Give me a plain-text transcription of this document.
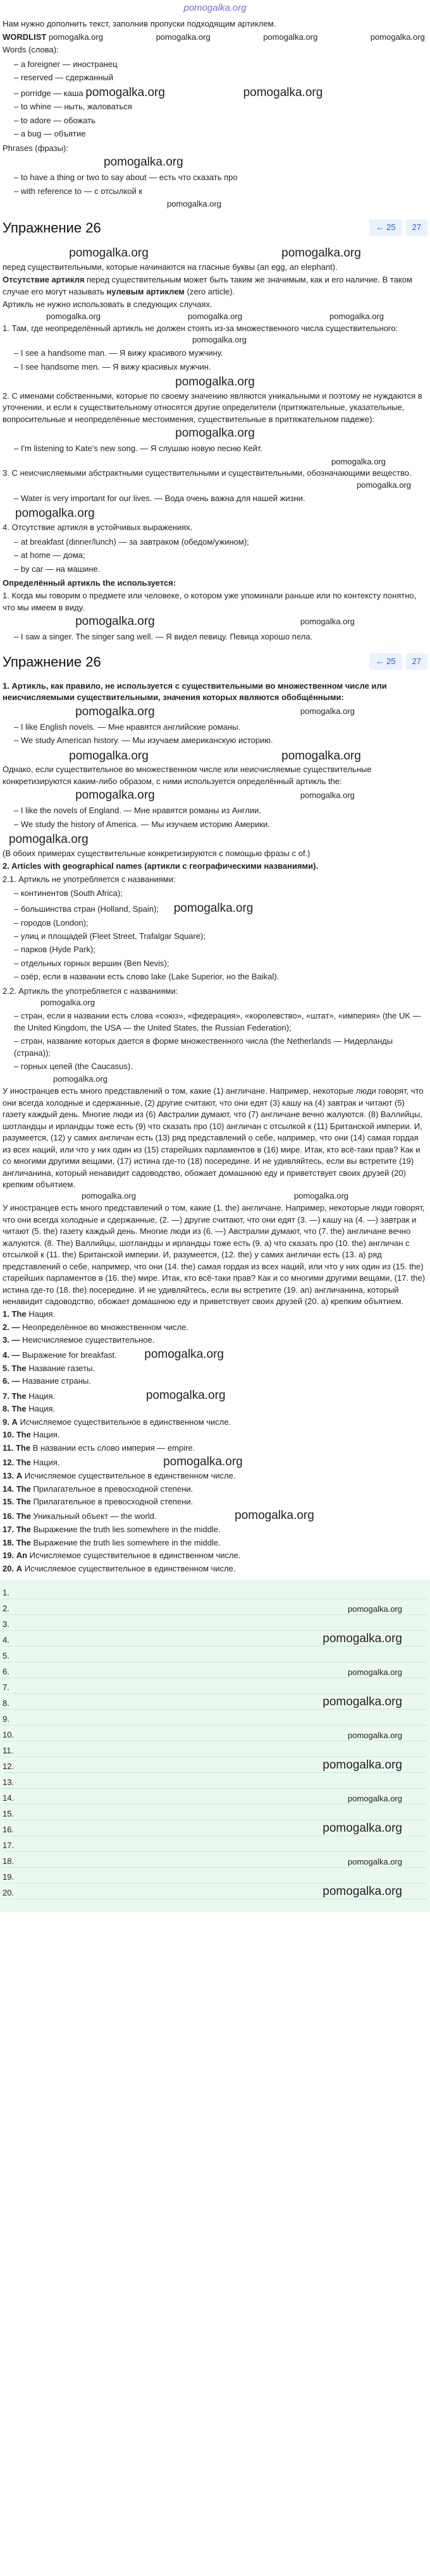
pomogalka.org
Нам нужно дополнить текст, заполнив пропуски подходящим артиклем.
WORDLIST pomogalka.org	pomogalka.org	pomogalka.org	pomogalka.org
Words (слова):
– a foreigner — иностранец
– reserved — сдержанный
– porridge — каша pomogalka.org	pomogalka.org
– to whine — ныть, жаловаться
– to adore — обожать
– a bug — объятие
Phrases (фразы):
pomogalka.org
– to have a thing or two to say about — есть что сказать про
– with reference to — с отсылкой к
pomogalka.org
Упражнение 26	← 25	27
pomogalka.org	pomogalka.org
перед существительными, которые начинаются на гласные буквы (an egg, an elephant).
Отсутствие артикля перед существительным может быть таким же значимым, как и его наличие. В таком случае его могут называть нулевым артиклем (zero article).
Артикль не нужно использовать в следующих случаях.
pomogalka.org	pomogalka.org	pomogalka.org
1. Там, где неопределённый артикль не должен стоять из-за множественного числа существительного:
pomogalka.org
– I see a handsome man. — Я вижу красивого мужчину.
– I see handsome men. — Я вижу красивых мужчин.
pomogalka.org
2. С именами собственными, которые по своему значению являются уникальными и поэтому не нуждаются в уточнении, и если к существительному относятся другие определители (притяжательные, указательные, вопросительные и неопределённые местоимения, существительные в притяжательном падеже):
pomogalka.org
– I'm listening to Kate's new song. — Я слушаю новую песню Кейт.
pomogalka.org
3. С неисчисляемыми абстрактными существительными и существительными, обозначающими вещество.
pomogalka.org
– Water is very important for our lives. — Вода очень важна для нашей жизни.
pomogalka.org
4. Отсутствие артикля в устойчивых выражениях.
– at breakfast (dinner/lunch) — за завтраком (обедом/ужином);
– at home — дома;
– by car — на машине.
Определённый артикль the используется:
1. Когда мы говорим о предмете или человеке, о котором уже упоминали раньше или по контексту понятно, что мы имеем в виду.
pomogalka.org	pomogalka.org
– I saw a singer. The singer sang well. — Я видел певицу. Певица хорошо пела.
Упражнение 26	← 25	27
1. Артикль, как правило, не используется с существительными во множественном числе или неисчисляемыми существительными, значения которых являются обобщёнными:
pomogalka.org	pomogalka.org
– I like English novels. — Мне нравятся английские романы.
– We study American history. — Мы изучаем американскую историю.
pomogalka.org	pomogalka.org
Однако, если существительное во множественном числе или неисчисляемые существительные конкретизируются каким-либо образом, с ними используется определённый артикль the:
pomogalka.org	pomogalka.org
– I like the novels of England. — Мне нравятся романы из Англии.
– We study the history of America. — Мы изучаем историю Америки.
pomogalka.org
(В обоих примерах существительные конкретизируются с помощью фразы с of.)
2. Articles with geographical names (артикли с географическими названиями).
2.1. Артикль не употребляется с названиями:
– континентов (South Africa);
– большинства стран (Holland, Spain); pomogalka.org
– городов (London);
– улиц и площадей (Fleet Street, Trafalgar Square);
– парков (Hyde Park);
– отдельных горных вершин (Ben Nevis);
– озёр, если в названии есть слово lake (Lake Superior, но the Baikal).
2.2. Артикль the употребляется с названиями:
pomogalka.org
– стран, если в названии есть слова «союз», «федерация», «королевство», «штат», «империя» (the UK — the United Kingdom, the USA — the United States, the Russian Federation);
– стран, название которых дается в форме множественного числа (the Netherlands — Нидерланды (страна));
– горных цепей (the Caucasus).
pomogalka.org
У иностранцев есть много представлений о том, какие (1) англичане. Например, некоторые люди говорят, что они всегда холодные и сдержанные, (2) другие считают, что они едят (3) кашу на (4) завтрак и читают (5) газету каждый день. Многие люди из (6) Австралии думают, что (7) англичане вечно жалуются. (8) Валлийцы, шотландцы и ирландцы тоже есть (9) что сказать про (10) англичан с отсылкой к (11) Британской империи. И, разумеется, (12) у самих англичан есть (13) ряд представлений о себе, например, что они (14) самая гордая из всех наций, или что у них один из (15) старейших парламентов в (16) мире. Итак, кто всё-таки прав? Как и со многими другими вещами, (17) истина где-то (18) посередине. И не удивляйтесь, если вы встретите (19) англичанина, который ненавидит садоводство, обожает домашнюю еду и приветствует своих друзей (20) крепким объятием.
pomogalka.org	pomogalka.org
У иностранцев есть много представлений о том, какие (1. the) англичане. Например, некоторые люди говорят, что они всегда холодные и сдержанные, (2. —) другие считают, что они едят (3. —) кашу на (4. —) завтрак и читают (5. the) газету каждый день. Многие люди из (6. —) Австралии думают, что (7. the) англичане вечно жалуются. (8. The) Валлийцы, шотландцы и ирландцы тоже есть (9. a) что сказать про (10. the) англичан с отсылкой к (11. the) Британской империи. И, разумеется, (12. the) у самих англичан есть (13. a) ряд представлений о себе, например, что они (14. the) самая гордая из всех наций, или что у них один из (15. the) старейших парламентов в (16. the) мире. Итак, кто всё-таки прав? Как и со многими другими вещами, (17. the) истина где-то (18. the) посередине. И не удивляйтесь, если вы встретите (19. an) англичанина, который ненавидит садоводство, обожает домашнюю еду и приветствует своих друзей (20. a) крепким объятием.
1. The Нация.
2. — Неопределённое во множественном числе.
3. — Неисчисляемое существительное.
4. — Выражение for breakfast. pomogalka.org
5. The Название газеты.
6. — Название страны.
7. The Нация.	pomogalka.org
8. The Нация.
9. A Исчисляемое существительное в единственном числе.
10. The Нация.
11. The В названии есть слово империя — empire.
12. The Нация.	pomogalka.org
13. A Исчисляемое существительное в единственном числе.
14. The Прилагательное в превосходной степени.
15. The Прилагательное в превосходной степени.
16. The Уникальный объект — the world.	pomogalka.org
17. The Выражение the truth lies somewhere in the middle.
18. The Выражение the truth lies somewhere in the middle.
19. An Исчисляемое существительное в единственном числе.
20. A Исчисляемое существительное в единственном числе.
1.
2.	pomogalka.org
3.
4.	pomogalka.org
5.
6.	pomogalka.org
7.
8.	pomogalka.org
9.
10.	pomogalka.org
11.
12.	pomogalka.org
13.
14.	pomogalka.org
15.
16.	pomogalka.org
17.
18.	pomogalka.org
19.
20.	pomogalka.org
